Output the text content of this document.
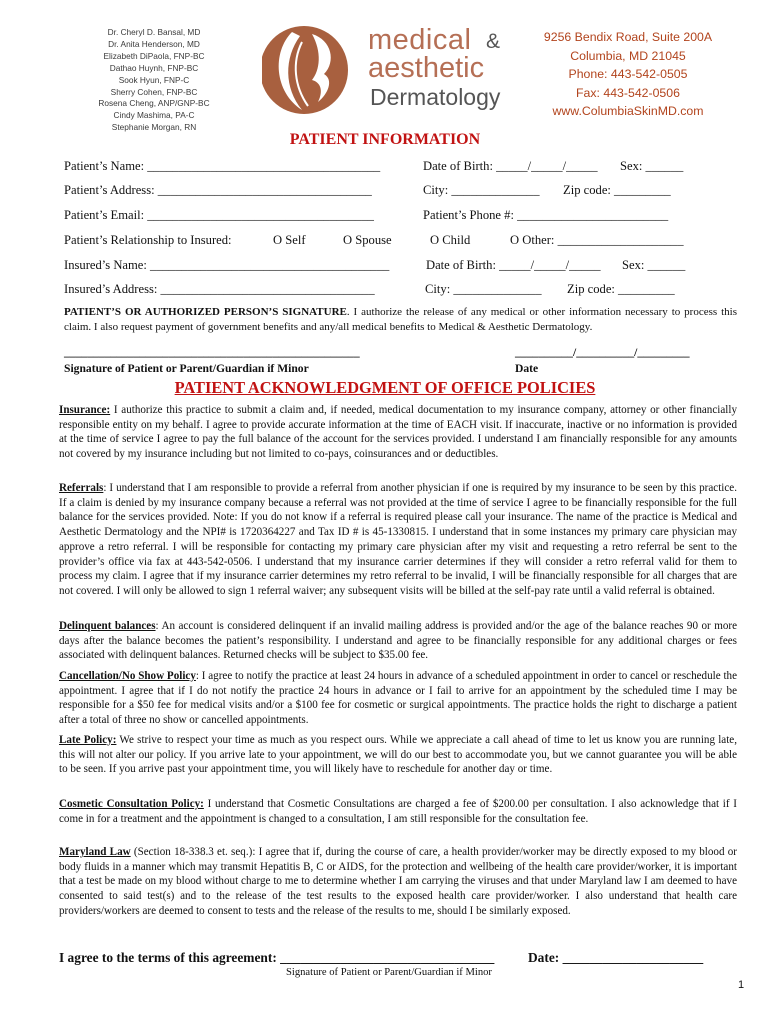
Dr. Cheryl D. Bansal, MD
Dr. Anita Henderson, MD
Elizabeth DiPaola, FNP-BC
Dathao Huynh, FNP-BC
Sook Hyun, FNP-C
Sherry Cohen, FNP-BC
Rosena Cheng, ANP/GNP-BC
Cindy Mashima, PA-C
Stephanie Morgan, RN
medical &
aesthetic
Dermatology
9256 Bendix Road, Suite 200A
Columbia, MD 21045
Phone: 443-542-0505
Fax: 443-542-0506
www.ColumbiaSkinMD.com
PATIENT INFORMATION
Patient’s Name: _____________________________________	Date of Birth: _____/_____/_____ Sex: ______
Patient’s Address: __________________________________	City: ______________ Zip code: _________
Patient’s Email: ____________________________________	Patient’s Phone #: ________________________
Patient’s Relationship to Insured:	O Self	O Spouse	O Child	O Other: ____________________
Insured’s Name: ______________________________________	Date of Birth: _____/_____/_____ Sex: ______
Insured’s Address: __________________________________	City: ______________ Zip code: _________
PATIENT’S OR AUTHORIZED PERSON’S SIGNATURE. I authorize the release of any medical or other information necessary to process this claim. I also request payment of government benefits and any/all medical benefits to Medical & Aesthetic Dermatology.
___________________________________________________
Signature of Patient or Parent/Guardian if Minor
__________/__________/_________
Date
PATIENT ACKNOWLEDGMENT OF OFFICE POLICIES
Insurance: I authorize this practice to submit a claim and, if needed, medical documentation to my insurance company, attorney or other financially responsible entity on my behalf. I agree to provide accurate information at the time of EACH visit. If inaccurate, inactive or no information is provided at the time of service I agree to pay the full balance of the account for the services provided. I understand I am financially responsible for any amounts not covered by my insurance including but not limited to co-pays, coinsurances and or deductibles.
Referrals: I understand that I am responsible to provide a referral from another physician if one is required by my insurance to be seen by this practice. If a claim is denied by my insurance company because a referral was not provided at the time of service I agree to be financially responsible for the full balance for the services provided. Note: If you do not know if a referral is required please call your insurance. The name of the practice is Medical and Aesthetic Dermatology and the NPI# is 1720364227 and Tax ID # is 45-1330815. I understand that in some instances my primary care physician may approve a retro referral. I will be responsible for contacting my primary care physician after my visit and requesting a retro referral be sent to the provider’s office via fax at 443-542-0506. I understand that my insurance carrier determines if they will consider a retro referral valid for them to process my claim. I agree that if my insurance carrier determines my retro referral to be invalid, I will be financially responsible for all charges that are not covered. I will only be allowed to sign 1 referral waiver; any subsequent visits will be billed at the self-pay rate until a valid referral is obtained.
Delinquent balances: An account is considered delinquent if an invalid mailing address is provided and/or the age of the balance reaches 90 or more days after the balance becomes the patient’s responsibility. I understand and agree to be financially responsible for any additional charges or fees associated with delinquent balances. Returned checks will be subject to $35.00 fee.
Cancellation/No Show Policy: I agree to notify the practice at least 24 hours in advance of a scheduled appointment in order to cancel or reschedule the appointment. I agree that if I do not notify the practice 24 hours in advance or I fail to arrive for an appointment by the scheduled time I may be responsible for a $50 fee for medical visits and/or a $100 fee for cosmetic or surgical appointments. The practice holds the right to discharge a patient after a total of three no show or cancelled appointments.
Late Policy: We strive to respect your time as much as you respect ours. While we appreciate a call ahead of time to let us know you are running late, this will not alter our policy. If you arrive late to your appointment, we will do our best to accommodate you, but we cannot guarantee you will be able to be seen. If you arrive past your appointment time, you will likely have to reschedule for another day or time.
Cosmetic Consultation Policy: I understand that Cosmetic Consultations are charged a fee of $200.00 per consultation. I also acknowledge that if I come in for a treatment and the appointment is changed to a consultation, I am still responsible for the consultation fee.
Maryland Law (Section 18-338.3 et. seq.): I agree that if, during the course of care, a health provider/worker may be directly exposed to my blood or body fluids in a manner which may transmit Hepatitis B, C or AIDS, for the protection and wellbeing of the health care provider/worker, it is important that a test be made on my blood without charge to me to determine whether I am carrying the viruses and that under Maryland law I am deemed to have consented to said test(s) and to the release of the test results to the exposed health care provider/worker. I also understand that health care providers/workers are deemed to consent to tests and the release of the results to me, should I be similarly exposed.
I agree to the terms of this agreement: ________________________________	Date: _____________________
Signature of Patient or Parent/Guardian if Minor
1
